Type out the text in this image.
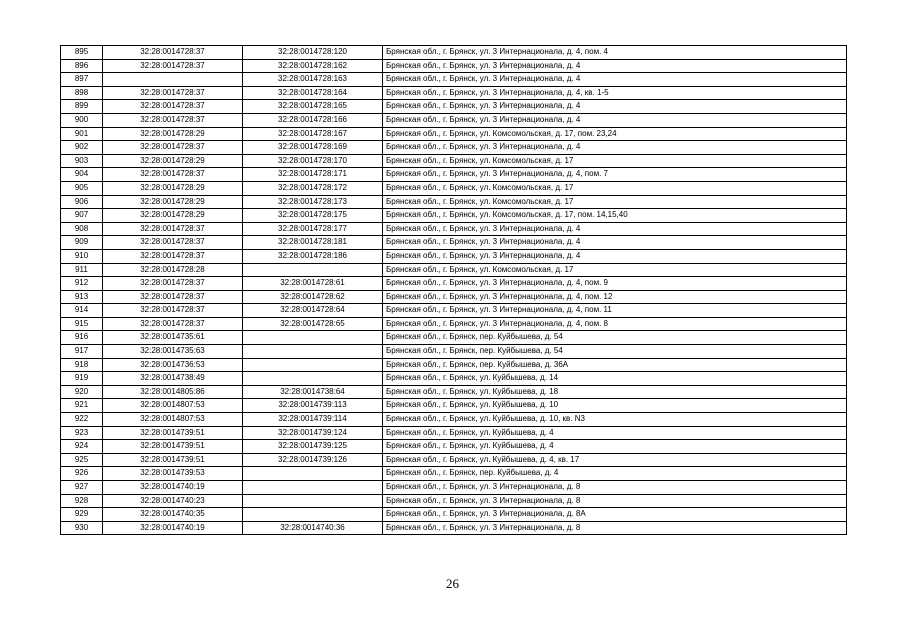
895	32:28:0014728:37	32:28:0014728:120	Брянская обл., г. Брянск, ул. 3 Интернационала, д. 4, пом. 4
896	32:28:0014728:37	32:28:0014728:162	Брянская обл., г. Брянск, ул. 3 Интернационала, д. 4
897		32:28:0014728:163	Брянская обл., г. Брянск, ул. 3 Интернационала, д. 4
898	32:28:0014728:37	32:28:0014728:164	Брянская обл., г. Брянск, ул. 3 Интернационала, д. 4, кв. 1-5
899	32:28:0014728:37	32:28:0014728:165	Брянская обл., г. Брянск, ул. 3 Интернационала, д. 4
900	32:28:0014728:37	32:28:0014728:166	Брянская обл., г. Брянск, ул. 3 Интернационала, д. 4
901	32:28:0014728:29	32:28:0014728:167	Брянская обл., г. Брянск, ул. Комсомольская, д. 17, пом. 23,24
902	32:28:0014728:37	32:28:0014728:169	Брянская обл., г. Брянск, ул. 3 Интернационала, д. 4
903	32:28:0014728:29	32:28:0014728:170	Брянская обл., г. Брянск, ул. Комсомольская, д. 17
904	32:28:0014728:37	32:28:0014728:171	Брянская обл., г. Брянск, ул. 3 Интернационала, д. 4, пом. 7
905	32:28:0014728:29	32:28:0014728:172	Брянская обл., г. Брянск, ул. Комсомольская, д. 17
906	32:28:0014728:29	32:28:0014728:173	Брянская обл., г. Брянск, ул. Комсомольская, д. 17
907	32:28:0014728:29	32:28:0014728:175	Брянская обл., г. Брянск, ул. Комсомольская, д. 17, пом. 14,15,40
908	32:28:0014728:37	32:28:0014728:177	Брянская обл., г. Брянск, ул. 3 Интернационала, д. 4
909	32:28:0014728:37	32:28:0014728:181	Брянская обл., г. Брянск, ул. 3 Интернационала, д. 4
910	32:28:0014728:37	32:28:0014728:186	Брянская обл., г. Брянск, ул. 3 Интернационала, д. 4
911	32:28:0014728:28		Брянская обл., г. Брянск, ул. Комсомольская, д. 17
912	32:28:0014728:37	32:28:0014728:61	Брянская обл., г. Брянск, ул. 3 Интернационала, д. 4, пом. 9
913	32:28:0014728:37	32:28:0014728:62	Брянская обл., г. Брянск, ул. 3 Интернационала, д. 4, пом. 12
914	32:28:0014728:37	32:28:0014728:64	Брянская обл., г. Брянск, ул. 3 Интернационала, д. 4, пом. 11
915	32:28:0014728:37	32:28:0014728:65	Брянская обл., г. Брянск, ул. 3 Интернационала, д. 4, пом. 8
916	32:28:0014735:61		Брянская обл., г. Брянск, пер. Куйбышева, д. 54
917	32:28:0014735:63		Брянская обл., г. Брянск, пер. Куйбышева, д. 54
918	32:28:0014736:53		Брянская обл., г. Брянск, пер. Куйбышева, д. 36А
919	32:28:0014738:49		Брянская обл., г. Брянск, ул. Куйбышева, д. 14
920	32:28:0014805:86	32:28:0014738:64	Брянская обл., г. Брянск, ул. Куйбышева, д. 18
921	32:28:0014807:53	32:28:0014739:113	Брянская обл., г. Брянск, ул. Куйбышева, д. 10
922	32:28:0014807:53	32:28:0014739:114	Брянская обл., г. Брянск, ул. Куйбышева, д. 10, кв. N3
923	32:28:0014739:51	32:28:0014739:124	Брянская обл., г. Брянск, ул. Куйбышева, д. 4
924	32:28:0014739:51	32:28:0014739:125	Брянская обл., г. Брянск, ул. Куйбышева, д. 4
925	32:28:0014739:51	32:28:0014739:126	Брянская обл., г. Брянск, ул. Куйбышева, д. 4, кв. 17
926	32:28:0014739:53		Брянская обл., г. Брянск, пер. Куйбышева, д. 4
927	32:28:0014740:19		Брянская обл., г. Брянск, ул. 3 Интернационала, д. 8
928	32:28:0014740:23		Брянская обл., г. Брянск, ул. 3 Интернационала, д. 8
929	32:28:0014740:35		Брянская обл., г. Брянск, ул. 3 Интернационала, д. 8А
930	32:28:0014740:19	32:28:0014740:36	Брянская обл., г. Брянск, ул. 3 Интернационала, д. 8
26
